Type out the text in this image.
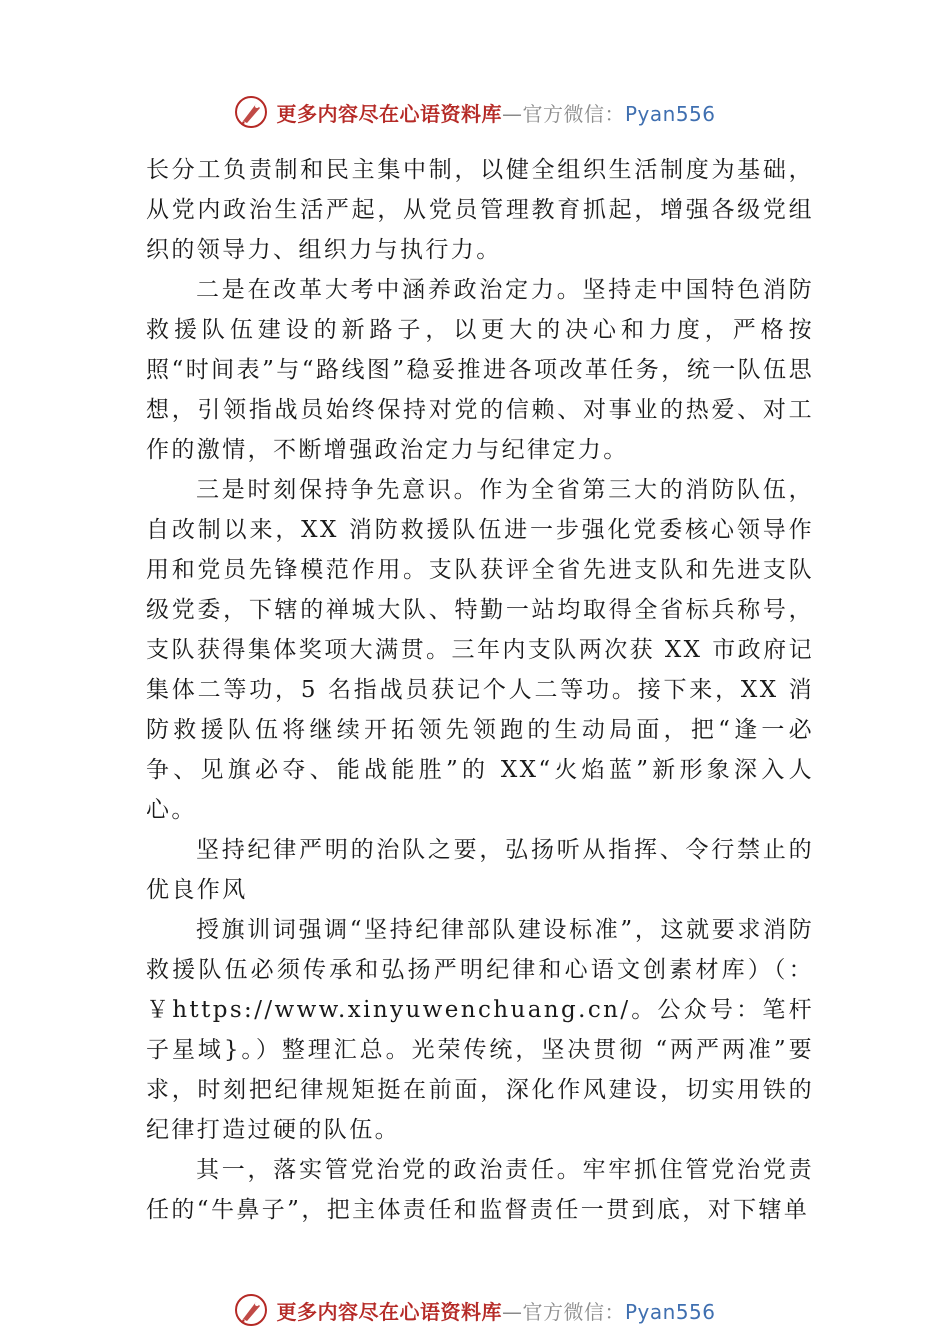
更多内容尽在心语资料库—官方微信：Pyan556

长分工负责制和民主集中制，以健全组织生活制度为基础， 从党内政治生活严起，从党员管理教育抓起，增强各级党组织的领导力、组织力与执行力。

二是在改革大考中涵养政治定力。坚持走中国特色消防救援队伍建设的新路子，以更大的决心和力度，严格按照“时间表”与“路线图”稳妥推进各项改革任务，统一队伍思想，引领指战员始终保持对党的信赖、对事业的热爱、对工作的激情，不断增强政治定力与纪律定力。

三是时刻保持争先意识。作为全省第三大的消防队伍，自改制以来，XX 消防救援队伍进一步强化党委核心领导作用和党员先锋模范作用。支队获评全省先进支队和先进支队级党委，下辖的禅城大队、特勤一站均取得全省标兵称号， 支队获得集体奖项大满贯。三年内支队两次获 XX 市政府记集体二等功，5 名指战员获记个人二等功。接下来，XX 消防救援队伍将继续开拓领先领跑的生动局面，把“逢一必争、见旗必夺、能战能胜”的 XX“火焰蓝”新形象深入人心。

坚持纪律严明的治队之要，弘扬听从指挥、令行禁止的优良作风

授旗训词强调“坚持纪律部队建设标准”，这就要求消防救援队伍必须传承和弘扬严明纪律和心语文创素材库）（：￥https://www.xinyuwenchuang.cn/。公众号：笔杆子星域}。）整理汇总。光荣传统，坚决贯彻 “两严两准”要求，时刻把纪律规矩挺在前面，深化作风建设，切实用铁的纪律打造过硬的队伍。

其一，落实管党治党的政治责任。牢牢抓住管党治党责任的“牛鼻子”，把主体责任和监督责任一贯到底，对下辖单

更多内容尽在心语资料库—官方微信：Pyan556
